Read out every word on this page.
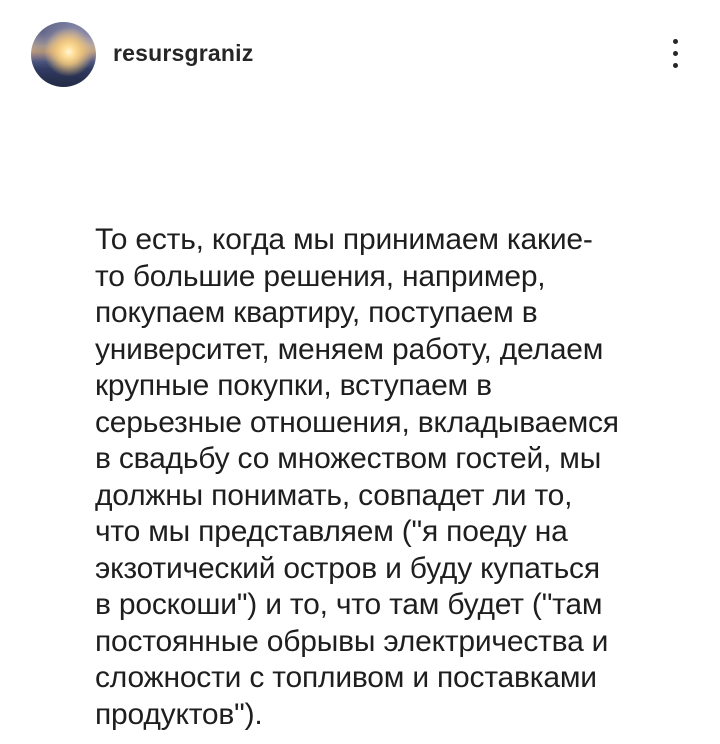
resursgraniz
То есть, когда мы принимаем какие-
то большие решения, например,
покупаем квартиру, поступаем в
университет, меняем работу, делаем
крупные покупки, вступаем в
серьезные отношения, вкладываемся
в свадьбу со множеством гостей, мы
должны понимать, совпадет ли то,
что мы представляем ("я поеду на
экзотический остров и буду купаться
в роскоши") и то, что там будет ("там
постоянные обрывы электричества и
сложности с топливом и поставками
продуктов").
